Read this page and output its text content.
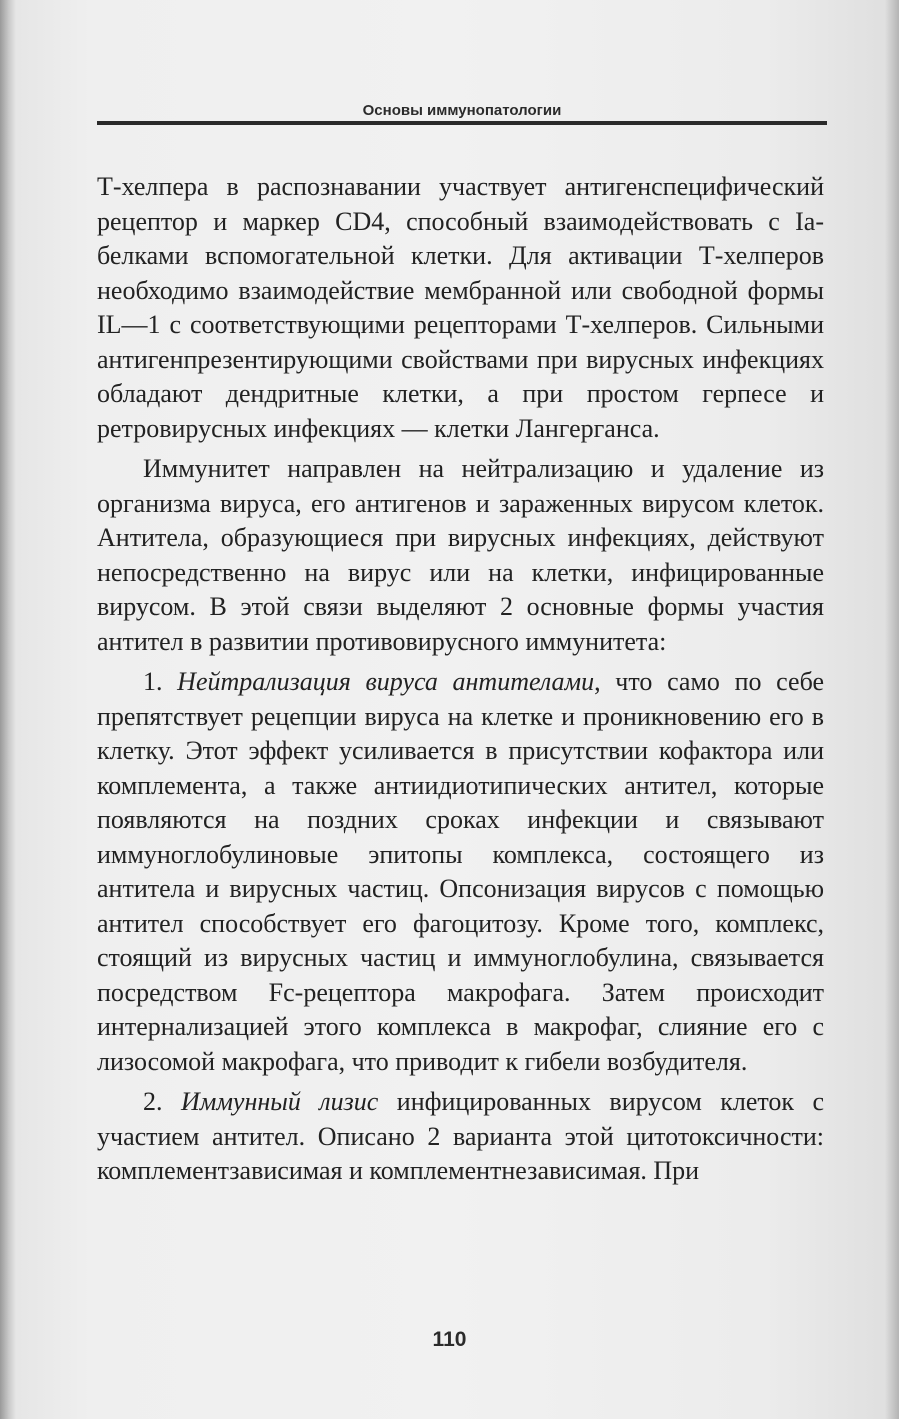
Основы иммунопатологии

Т-хелпера в распознавании участвует антигенспецифический рецептор и маркер CD4, способный взаимодействовать с Ia-белками вспомогательной клетки. Для активации Т-хелперов необходимо взаимодействие мембранной или свободной формы IL—1 с соответствующими рецепторами Т-хелперов. Сильными антигенпрезентирующими свойствами при вирусных инфекциях обладают дендритные клетки, а при простом герпесе и ретровирусных инфекциях — клетки Лангерганса.

Иммунитет направлен на нейтрализацию и удаление из организма вируса, его антигенов и зараженных вирусом клеток. Антитела, образующиеся при вирусных инфекциях, действуют непосредственно на вирус или на клетки, инфицированные вирусом. В этой связи выделяют 2 основные формы участия антител в развитии противовирусного иммунитета:

1. Нейтрализация вируса антителами, что само по себе препятствует рецепции вируса на клетке и проникновению его в клетку. Этот эффект усиливается в присутствии кофактора или комплемента, а также антиидиотипических антител, которые появляются на поздних сроках инфекции и связывают иммуноглобулиновые эпитопы комплекса, состоящего из антитела и вирусных частиц. Опсонизация вирусов с помощью антител способствует его фагоцитозу. Кроме того, комплекс, стоящий из вирусных частиц и иммуноглобулина, связывается посредством Fc-рецептора макрофага. Затем происходит интернализацией этого комплекса в макрофаг, слияние его с лизосомой макрофага, что приводит к гибели возбудителя.

2. Иммунный лизис инфицированных вирусом клеток с участием антител. Описано 2 варианта этой цитотоксичности: комплементзависимая и комплементнезависимая. При

110
